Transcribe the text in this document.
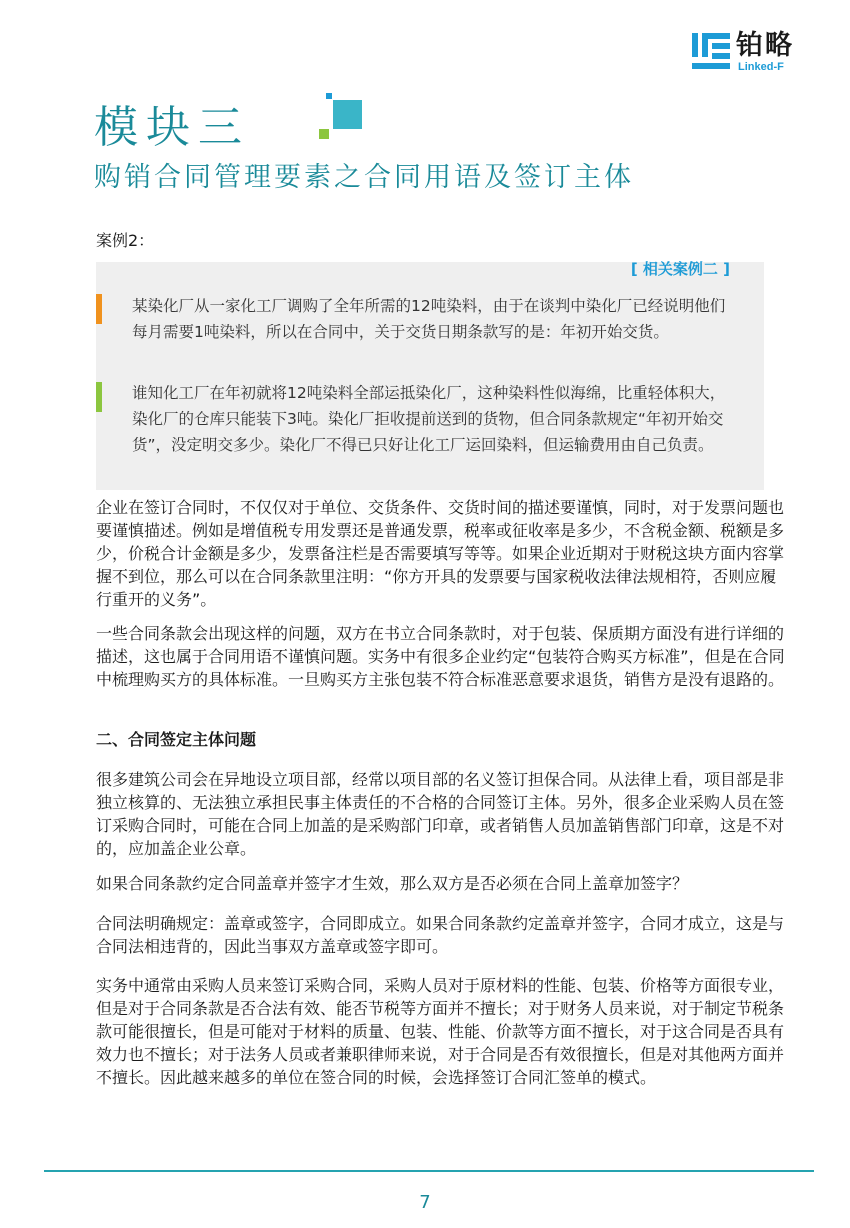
铂略
Linked-F
模块三
购销合同管理要素之合同用语及签订主体
案例2：
[ 相关案例二 ]
某染化厂从一家化工厂调购了全年所需的12吨染料，由于在谈判中染化厂已经说明他们每月需要1吨染料，所以在合同中，关于交货日期条款写的是：年初开始交货。
谁知化工厂在年初就将12吨染料全部运抵染化厂，这种染料性似海绵，比重轻体积大，染化厂的仓库只能装下3吨。染化厂拒收提前送到的货物，但合同条款规定“年初开始交货”，没定明交多少。染化厂不得已只好让化工厂运回染料，但运输费用由自己负责。
企业在签订合同时，不仅仅对于单位、交货条件、交货时间的描述要谨慎，同时，对于发票问题也要谨慎描述。例如是增值税专用发票还是普通发票，税率或征收率是多少，不含税金额、税额是多少，价税合计金额是多少，发票备注栏是否需要填写等等。如果企业近期对于财税这块方面内容掌握不到位，那么可以在合同条款里注明：“你方开具的发票要与国家税收法律法规相符，否则应履行重开的义务”。
一些合同条款会出现这样的问题，双方在书立合同条款时，对于包装、保质期方面没有进行详细的描述，这也属于合同用语不谨慎问题。实务中有很多企业约定“包装符合购买方标准”，但是在合同中梳理购买方的具体标准。一旦购买方主张包装不符合标准恶意要求退货，销售方是没有退路的。
二、合同签定主体问题
很多建筑公司会在异地设立项目部，经常以项目部的名义签订担保合同。从法律上看，项目部是非独立核算的、无法独立承担民事主体责任的不合格的合同签订主体。另外，很多企业采购人员在签订采购合同时，可能在合同上加盖的是采购部门印章，或者销售人员加盖销售部门印章，这是不对的，应加盖企业公章。
如果合同条款约定合同盖章并签字才生效，那么双方是否必须在合同上盖章加签字？
合同法明确规定：盖章或签字，合同即成立。如果合同条款约定盖章并签字，合同才成立，这是与合同法相违背的，因此当事双方盖章或签字即可。
实务中通常由采购人员来签订采购合同，采购人员对于原材料的性能、包装、价格等方面很专业，但是对于合同条款是否合法有效、能否节税等方面并不擅长；对于财务人员来说，对于制定节税条款可能很擅长，但是可能对于材料的质量、包装、性能、价款等方面不擅长，对于这合同是否具有效力也不擅长；对于法务人员或者兼职律师来说，对于合同是否有效很擅长，但是对其他两方面并不擅长。因此越来越多的单位在签合同的时候，会选择签订合同汇签单的模式。
7
